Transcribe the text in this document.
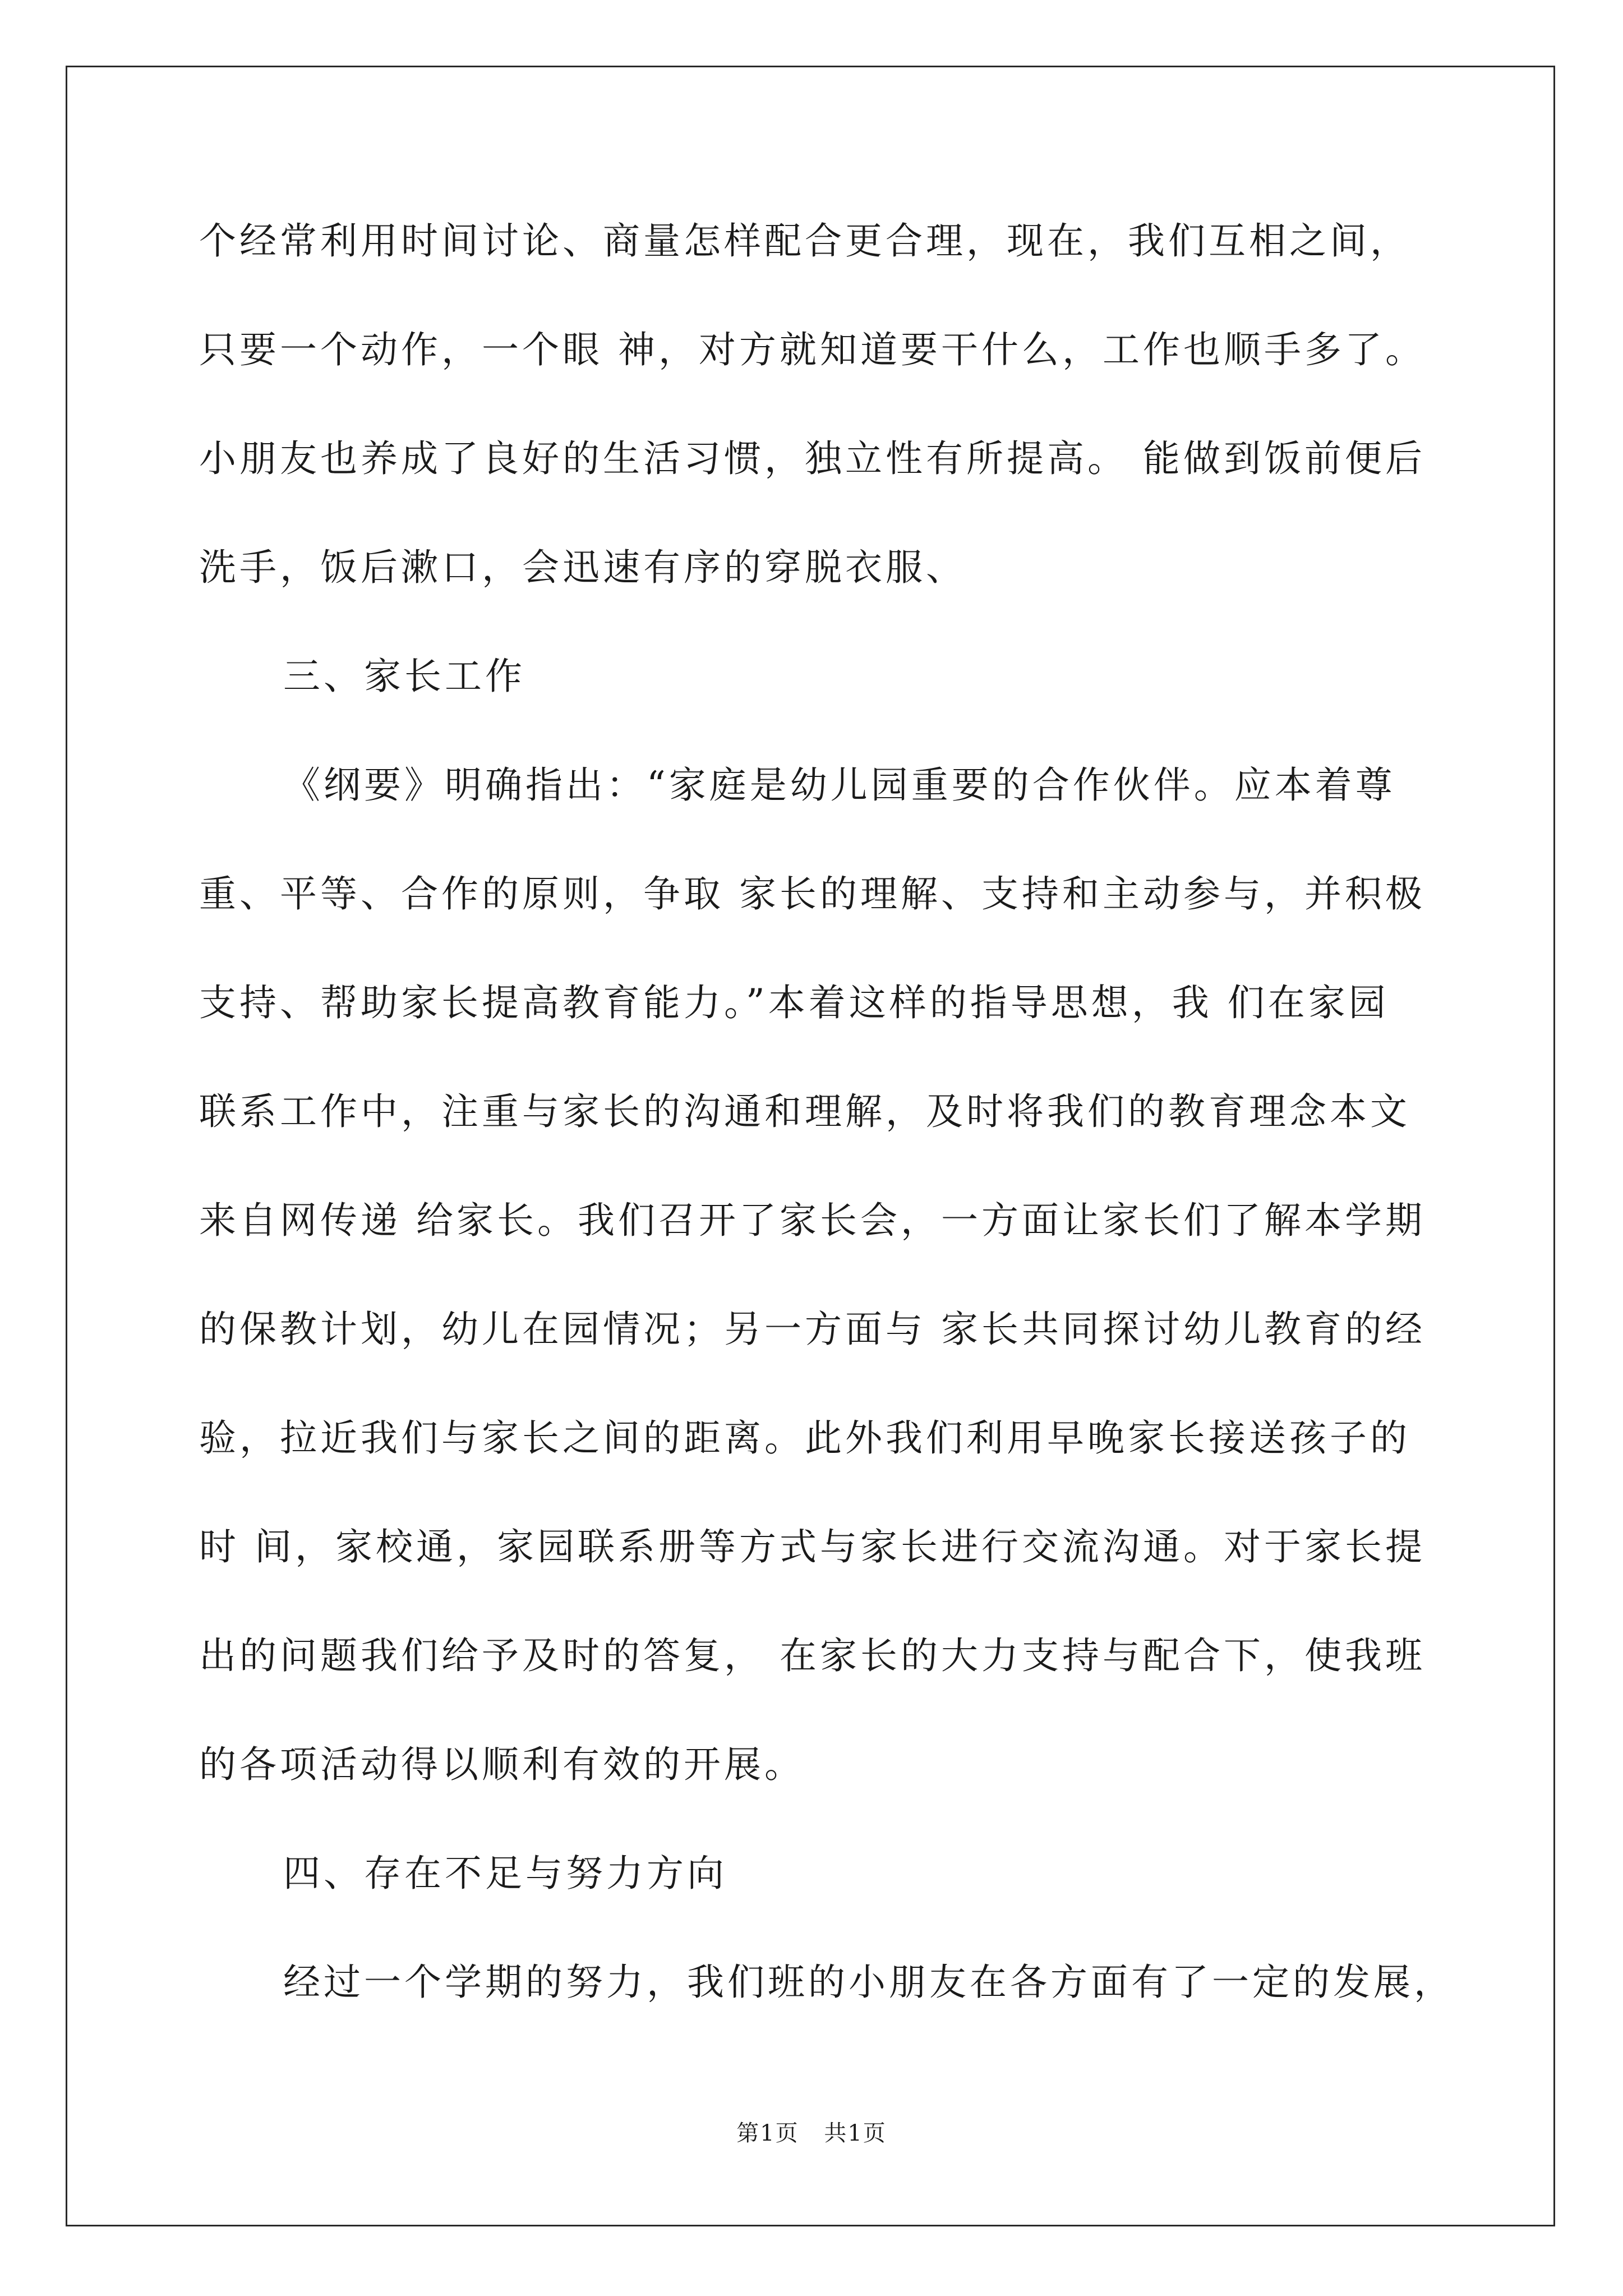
个经常利用时间讨论、商量怎样配合更合理，现在，我们互相之间，

只要一个动作，一个眼 神，对方就知道要干什么，工作也顺手多了。

小朋友也养成了良好的生活习惯，独立性有所提高。 能做到饭前便后

洗手，饭后漱口，会迅速有序的穿脱衣服、

三、家长工作

《纲要》明确指出：“家庭是幼儿园重要的合作伙伴。应本着尊

重、平等、合作的原则，争取 家长的理解、支持和主动参与，并积极

支持、帮助家长提高教育能力。”本着这样的指导思想，我 们在家园

联系工作中，注重与家长的沟通和理解，及时将我们的教育理念本文

来自网传递 给家长。我们召开了家长会，一方面让家长们了解本学期

的保教计划，幼儿在园情况；另一方面与 家长共同探讨幼儿教育的经

验，拉近我们与家长之间的距离。此外我们利用早晚家长接送孩子的

时 间，家校通，家园联系册等方式与家长进行交流沟通。对于家长提

出的问题我们给予及时的答复， 在家长的大力支持与配合下，使我班

的各项活动得以顺利有效的开展。

四、存在不足与努力方向

经过一个学期的努力，我们班的小朋友在各方面有了一定的发展，

第1页 共1页
